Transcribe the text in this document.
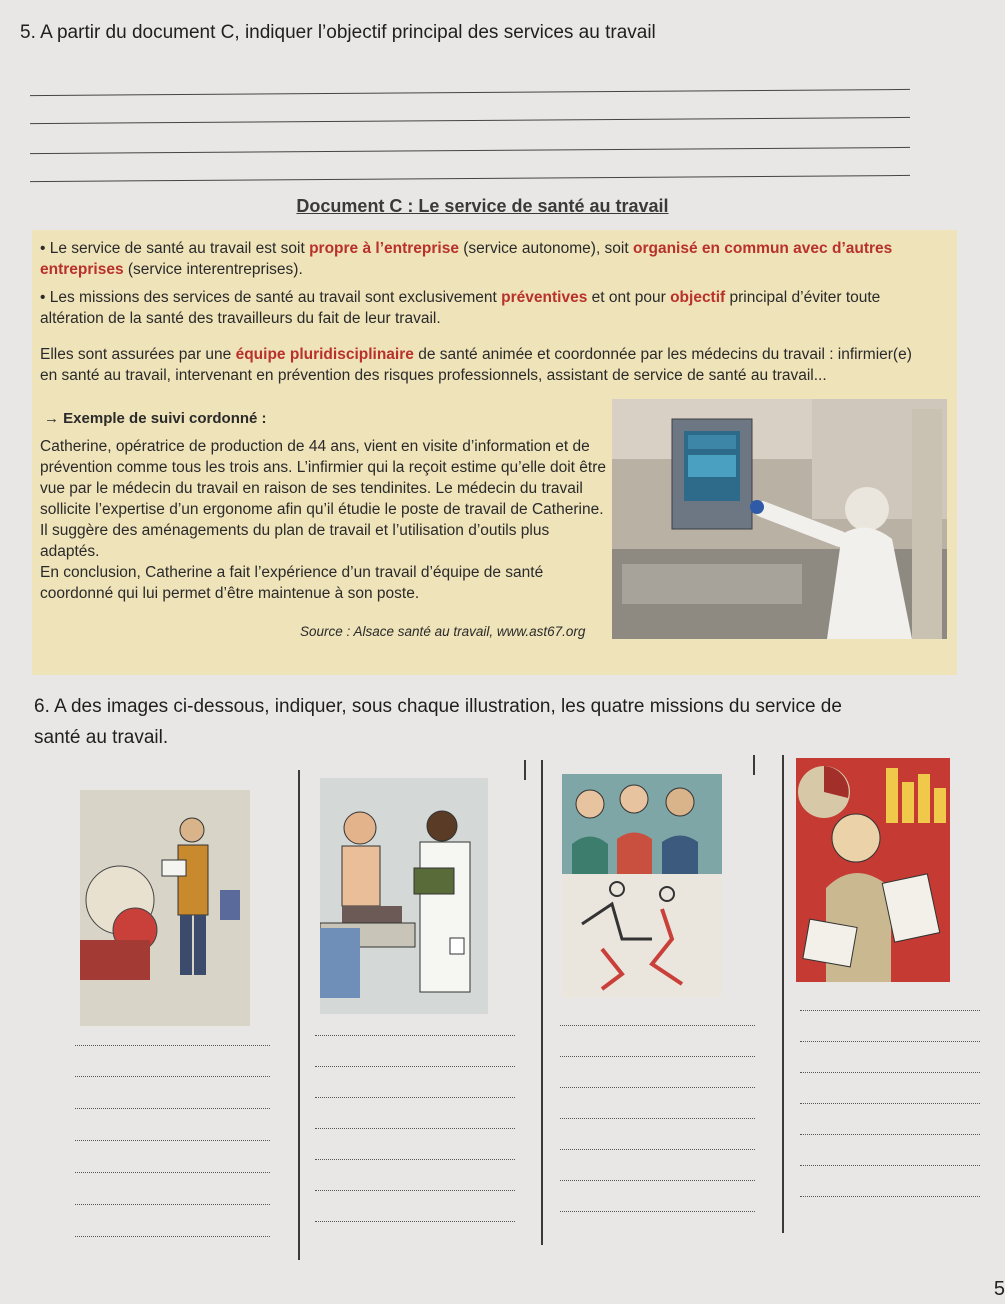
5. A partir du document C, indiquer l’objectif principal des services au travail
Document C : Le service de santé au travail
• Le service de santé au travail est soit propre à l’entreprise (service autonome), soit organisé en commun avec d’autres entreprises (service interentreprises).
• Les missions des services de santé au travail sont exclusivement préventives et ont pour objectif principal d’éviter toute altération de la santé des travailleurs du fait de leur travail.
Elles sont assurées par une équipe pluridisciplinaire de santé animée et coordonnée par les médecins du travail : infirmier(e) en santé au travail, intervenant en prévention des risques professionnels, assistant de service de santé au travail...
→ Exemple de suivi cordonné :
Catherine, opératrice de production de 44 ans, vient en visite d’information et de prévention comme tous les trois ans. L’infirmier qui la reçoit estime qu’elle doit être vue par le médecin du travail en raison de ses tendinites. Le médecin du travail sollicite l’expertise d’un ergonome afin qu’il étudie le poste de travail de Catherine. Il suggère des aménagements du plan de travail et l’utilisation d’outils plus adaptés.
En conclusion, Catherine a fait l’expérience d’un travail d’équipe de santé coordonné qui lui permet d’être maintenue à son poste.
Source : Alsace santé au travail, www.ast67.org
6. A des images ci-dessous, indiquer, sous chaque illustration, les quatre missions du service de
santé au travail.
5
